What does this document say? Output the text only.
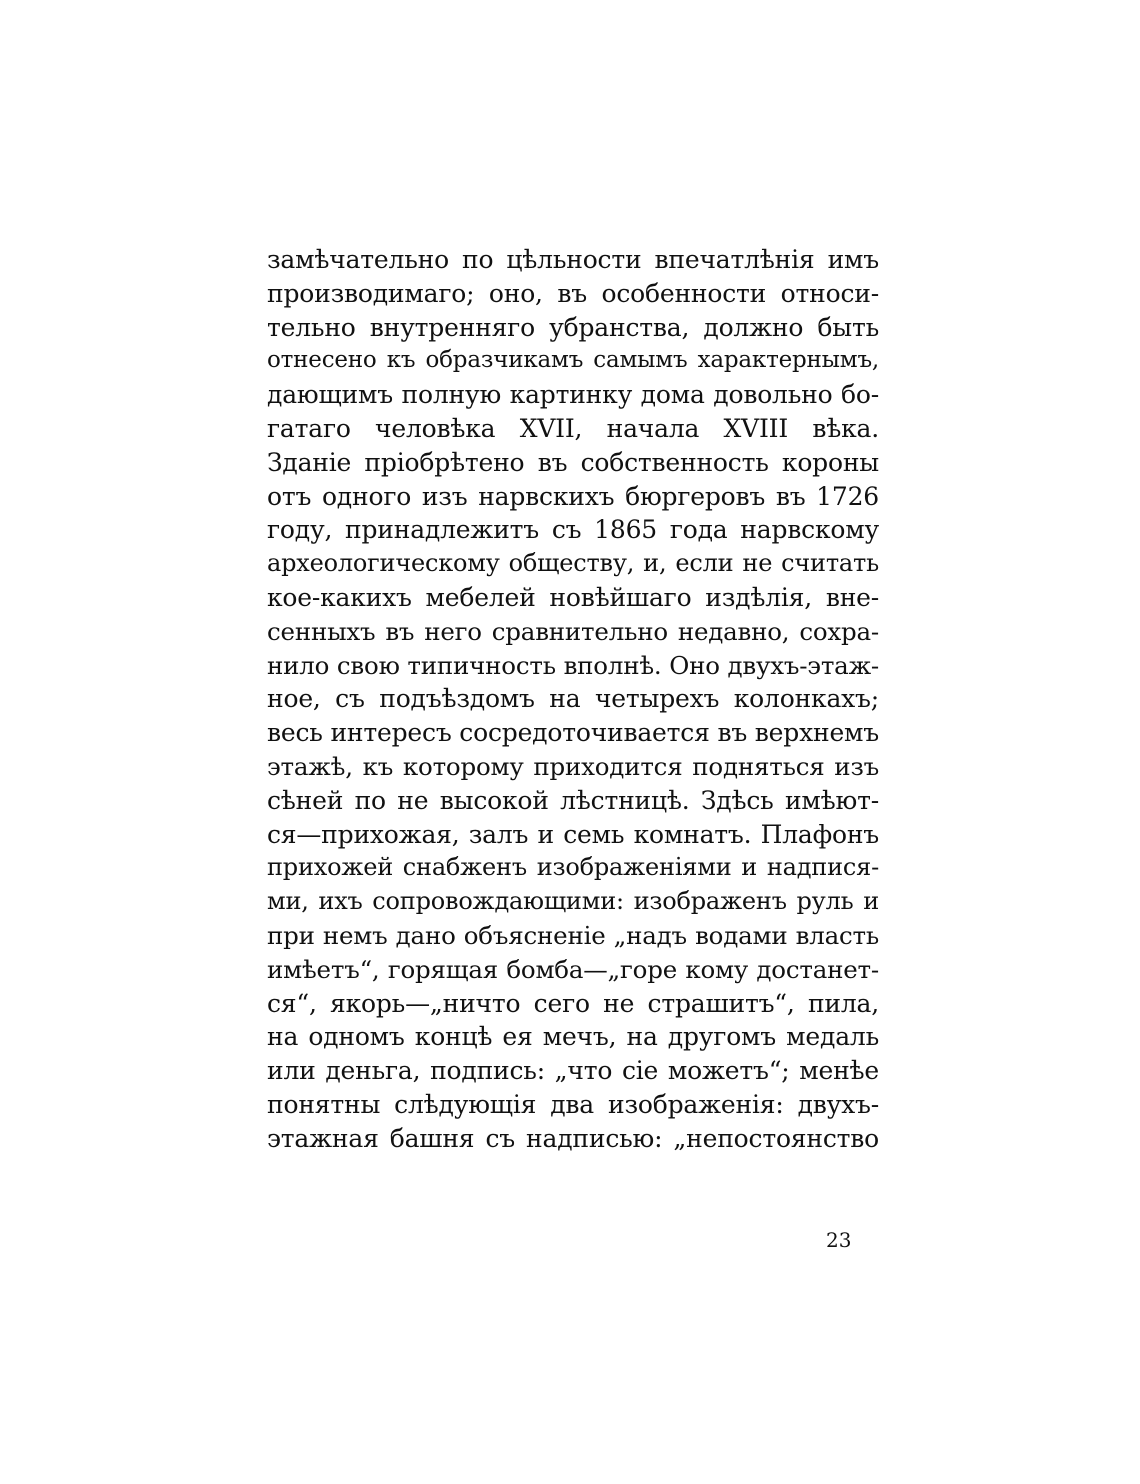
замѣчательно по цѣльности впечатлѣнія имъ
производимаго; оно, въ особенности относи-
тельно внутренняго убранства, должно быть
отнесено къ образчикамъ самымъ характернымъ,
дающимъ полную картинку дома довольно бо-
гатаго человѣка XVII, начала XVIII вѣка.
Зданіе пріобрѣтено въ собственность короны
отъ одного изъ нарвскихъ бюргеровъ въ 1726
году, принадлежитъ съ 1865 года нарвскому
археологическому обществу, и, если не считать
кое-какихъ мебелей новѣйшаго издѣлія, вне-
сенныхъ въ него сравнительно недавно, сохра-
нило свою типичность вполнѣ. Оно двухъ-этаж-
ное, съ подъѣздомъ на четырехъ колонкахъ;
весь интересъ сосредоточивается въ верхнемъ
этажѣ, къ которому приходится подняться изъ
сѣней по не высокой лѣстницѣ. Здѣсь имѣют-
ся—прихожая, залъ и семь комнатъ. Плафонъ
прихожей снабженъ изображеніями и надпися-
ми, ихъ сопровождающими: изображенъ руль и
при немъ дано объясненіе „надъ водами власть
имѣетъ“, горящая бомба—„горе кому достанет-
ся“, якорь—„ничто сего не страшитъ“, пила,
на одномъ концѣ ея мечъ, на другомъ медаль
или деньга, подпись: „что сіе можетъ“; менѣе
понятны слѣдующія два изображенія: двухъ-
этажная башня съ надписью: „непостоянство
23
